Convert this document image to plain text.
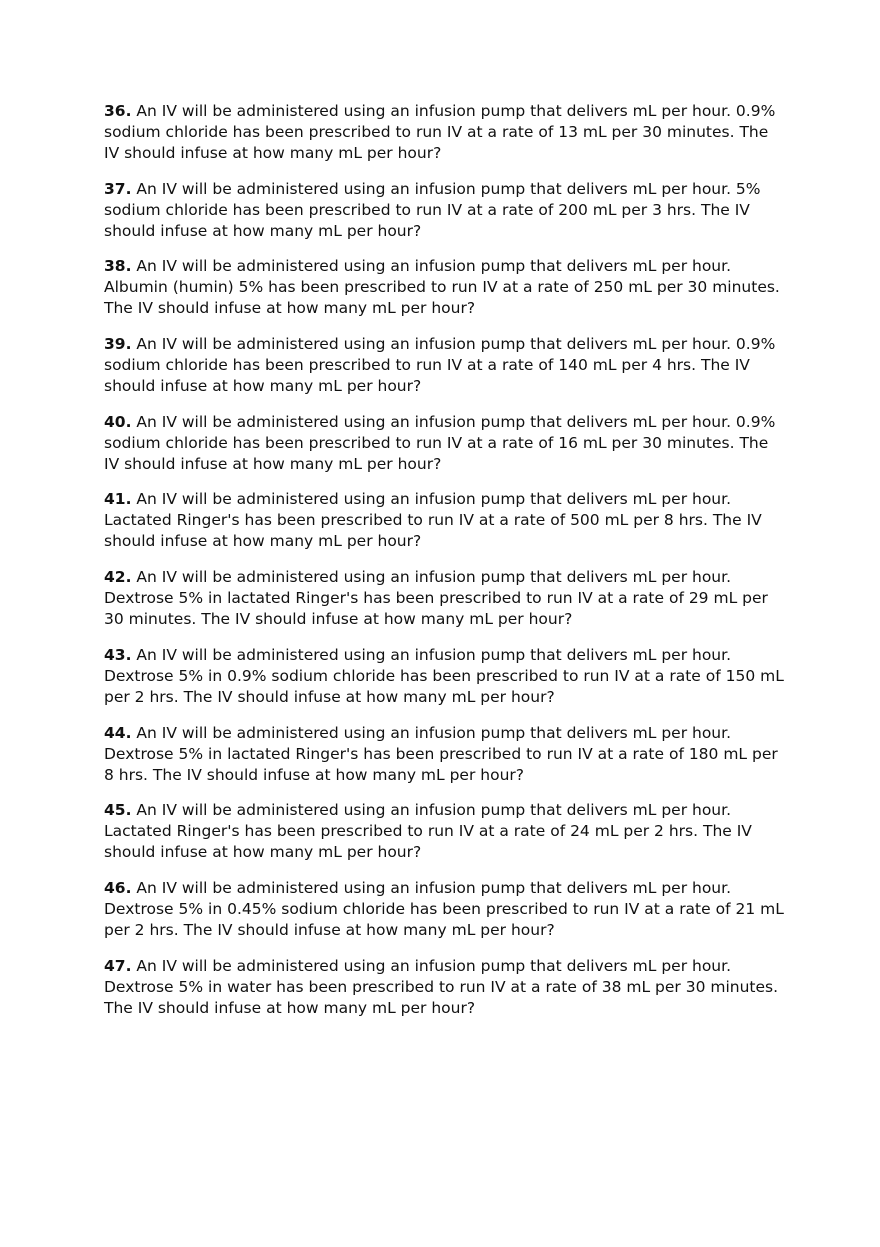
36. An IV will be administered using an infusion pump that delivers mL per hour. 0.9% sodium chloride has been prescribed to run IV at a rate of 13 mL per 30 minutes. The IV should infuse at how many mL per hour?

37. An IV will be administered using an infusion pump that delivers mL per hour. 5% sodium chloride has been prescribed to run IV at a rate of 200 mL per 3 hrs. The IV should infuse at how many mL per hour?

38. An IV will be administered using an infusion pump that delivers mL per hour. Albumin (humin) 5% has been prescribed to run IV at a rate of 250 mL per 30 minutes. The IV should infuse at how many mL per hour?

39. An IV will be administered using an infusion pump that delivers mL per hour. 0.9% sodium chloride has been prescribed to run IV at a rate of 140 mL per 4 hrs. The IV should infuse at how many mL per hour?

40. An IV will be administered using an infusion pump that delivers mL per hour. 0.9% sodium chloride has been prescribed to run IV at a rate of 16 mL per 30 minutes. The IV should infuse at how many mL per hour?

41. An IV will be administered using an infusion pump that delivers mL per hour. Lactated Ringer's has been prescribed to run IV at a rate of 500 mL per 8 hrs. The IV should infuse at how many mL per hour?

42. An IV will be administered using an infusion pump that delivers mL per hour. Dextrose 5% in lactated Ringer's has been prescribed to run IV at a rate of 29 mL per 30 minutes. The IV should infuse at how many mL per hour?

43. An IV will be administered using an infusion pump that delivers mL per hour. Dextrose 5% in 0.9% sodium chloride has been prescribed to run IV at a rate of 150 mL per 2 hrs. The IV should infuse at how many mL per hour?

44. An IV will be administered using an infusion pump that delivers mL per hour. Dextrose 5% in lactated Ringer's has been prescribed to run IV at a rate of 180 mL per 8 hrs. The IV should infuse at how many mL per hour?

45. An IV will be administered using an infusion pump that delivers mL per hour. Lactated Ringer's has been prescribed to run IV at a rate of 24 mL per 2 hrs. The IV should infuse at how many mL per hour?

46. An IV will be administered using an infusion pump that delivers mL per hour. Dextrose 5% in 0.45% sodium chloride has been prescribed to run IV at a rate of 21 mL per 2 hrs. The IV should infuse at how many mL per hour?

47. An IV will be administered using an infusion pump that delivers mL per hour. Dextrose 5% in water has been prescribed to run IV at a rate of 38 mL per 30 minutes. The IV should infuse at how many mL per hour?
